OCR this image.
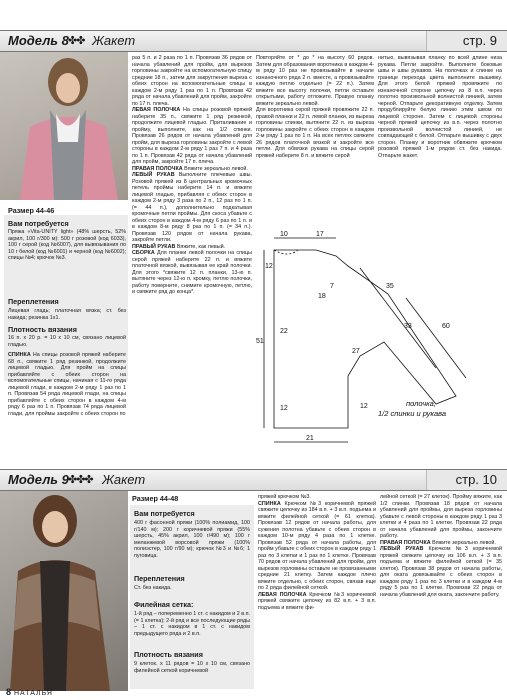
Модель 8 ✤✤ Жакет	стр. 9
Размер 44-46
Вам потребуется
Пряжа «Vita-UNITY light» (48% шерсть, 52% акрил, 100 г/300 м): 500 г розовой (код 6033), 100 г серой (код №6007), для вывязывания по 10 г белой (код №6001) и черной (код №6002); спицы №4; крючок №3.
Переплетения
Лицевая гладь; платочная вязка; ст. без накида; резинка 1х1.
Плотность вязания
16 п. х 20 р. = 10 х 10 см, связано лицевой гладью.
СПИНКА На спицы розовой пряжей наберите 68 п., свяжите 1 ряд резинкой, продолжите лицевой гладью. Для пройм на спицы прибавляйте с обеих сторон на вспомогательные спицы, начиная с 11-го ряда лицевой глади, в каждом 2-м ряду 1 раз по 1 п. Провязав 54 ряда лицевой глади, на спицы прибавляйте с обеих сторон в каждом 4-м ряду 6 раз по 1 п. Провязав 74 ряда лицевой глади, для проймы закройте с обеих сторон по

раз 5 п. и 2 раза по 1 п. Провязав 36 рядов от начала убавлений для пройм, для вырезов горловины закройте на вспомогательную спицу средние 18 п., затем для закругления выреза с обеих сторон на вспомогательные спицы в каждом 2-м ряду 1 раз по 1 п. Провязав 42 ряда от начала убавлений для пройм, закройте по 17 п. плеча.

ЛЕВАЯ ПОЛОЧКА На спицы розовой пряжей наберите 35 п., свяжите 1 ряд резинкой, продолжите лицевой гладью. Приталивание и пройму, выполните, как на 1/2 спинки. Провязав 26 рядов от начала убавлений для пройм, для выреза горловины закройте с левой стороны в каждом 2-м ряду 1 раз 7 п. и 4 раза по 1 п. Провязав 42 ряда от начала убавлений для пройм, закройте 17 п. плеча.

ПРАВАЯ ПОЛОЧКА Вяжите зеркально левой.

ЛЕВЫЙ РУКАВ Выполните плечевые швы. Розовой пряжей из 8 центральных кромочных петель проймы наберите 14 п. и вяжите лицевой гладью, прибавляя с обеих сторон в каждом 2-м ряду 3 раза по 2 п., 12 раз по 1 п. (= 44 п.), дополнительно подкатывая кромочные петли проймы. Для скоса убавьте с обеих сторон в каждом 4-м ряду 6 раз по 1 п. и в каждом 8-м ряду 8 раз по 1 п. (= 34 п.). Провязав 120 рядов от начала рукава, закройте петли.

ПРАВЫЙ РУКАВ Вяжите, как левый.

СБОРКА Для планки левой полочки на спицы серой пряжей наберите 22 п. и вяжите платочной вязкой, вывязывая ее край полочки. Для этого *свяжите 12 п. планки, 13-ю п. вытяните через 12-ю п. кромку, петлю полочки, работу поверните, снимите кромочную, петлю, и свяжите ряд до конца*.

Повторяйте от * до * на высоту 60 рядов. Затем для образования воротника в каждом 4-м ряду 10 раз не провязывайте в начале изнаночного ряда 2 п. вместе, а провязывайте каждую петлю отдельно (= 22 п.). Затем вяжите все высоту полочки, петли оставьте открытыми, работу отложите. Правую планку вяжите зеркально левой.

Для воротника серой пряжей провяжите 22 п. правой планки и 22 п. левой планки, из выреза горловины спинки, вытяните 22 п. из выреза горловины закройте с обеих сторон в каждом 2-м ряду 1 раз по 1 п. На всех петлях свяжите 26 рядов платочной вязкой и закройте все петли. Для обвязки рукава на спицы серой пряжей наберите 8 п. и вяжите серой

нитью, вывязывая планку по всей длине низа рукава. Петли закройте. Выполните боковые швы и швы рукавов. На полочках и спинке на границе перехода цвета выполните вышивку. Для этого белой пряжей провяжите по изнаночной стороне цепочку из 8 в.п. через полотно произвольной волнистой линией, затем черной. Отпарьте декоративную отделку. Затем продублируйте белую линию этим швом по лицевой стороне. Затем с лицевой стороны черной пряжей цепочку из в.п. через полотно произвольной волнистой линией, не совпадающей с белой. Отпарьте вышивку с двух сторон. Планку и воротник обвяжите крючком розовой пряжей 1-м рядом ст. без накида. Отпарьте жакет.

10	17
12
35
60
33
7
18
51
22
27
12
21
12	полочка,
1/2 спинки и рукава
Модель 9 ✤✤✤ Жакет	стр. 10
Размер 44-48
Вам потребуется
400 г фасонной пряжи (100% полиамид, 100 г/140 м); 200 г коричневой пряжи (55% шерсть, 45% акрил, 100 г/490 м); 100 г меланжевой ворсовой пряжи (100% полиэстер, 100 г/90 м); крючок №3 и №6; 1 пуговица.
Переплетения
Ст. без накида.
Филейная сетка:
1-й ряд – попеременно 1 ст. с накидом и 2 в.п. (= 1 клетка); 2-й ряд и все последующие ряды – 1 ст. с накидом в 1 ст. с накидом предыдущего ряда и 2 в.п.
Плотность вязания
9 клеток. х 11 рядов = 10 х 10 см, связано филейной сеткой коричневой

пряжей крючком №3.

СПИНКА Крючком №3 коричневой пряжей свяжите цепочку из 184 в.п. + 3 в.п. подъема и вяжите филейной сеткой (= 61 клетка). Провязав 12 рядов от начала работы, для сужения полотна убавьте с обеих сторон в каждом 10-м ряду 4 раза по 1 клетке. Провязав 52 ряда от начала работы, для пройм убавьте с обеих сторон в каждом ряду 1 раз по 3 клетки и 1 раз по 1 клетке. Провязав 70 рядов от начала убавлений для пройм, для вырезов горловины оставьте не провязанными средние 21 клетку. Затем каждое плечо вяжите отдельно, с обеих сторон, связав еще по 2 ряда филейной сеткой.

ЛЕВАЯ ПОЛОЧКА Крючком №3 коричневой пряжей свяжите цепочку из 82 в.п. + 3 в.п. подъема и вяжите фи-

лейной сеткой (= 27 клеток). Пройму вяжите, как 1/2 спинки. Провязав 18 рядов от начала убавлений для проймы, для выреза горловины убавьте с левой стороны в каждом ряду 1 раз 3 клетки и 4 раза по 1 клетке. Провязав 22 ряда от начала убавлений для проймы, закончите работу.

ПРАВАЯ ПОЛОЧКА Вяжите зеркально левой.

ЛЕВЫЙ РУКАВ Крючком №3 коричневой пряжей свяжите цепочку из 106 в.п. + 3 в.п. подъема и вяжите филейной сеткой (= 35 клеток). Провязав 38 рядов от начала работы, для оката довязывайте с обеих сторон в каждом ряду 1 раз по 3 клетки и в каждом 4-м ряду 5 раз по 1 клетке. Провязав 22 ряда от начала убавлений для оката, закончите работу.

8 НАТАЛЬЯ
